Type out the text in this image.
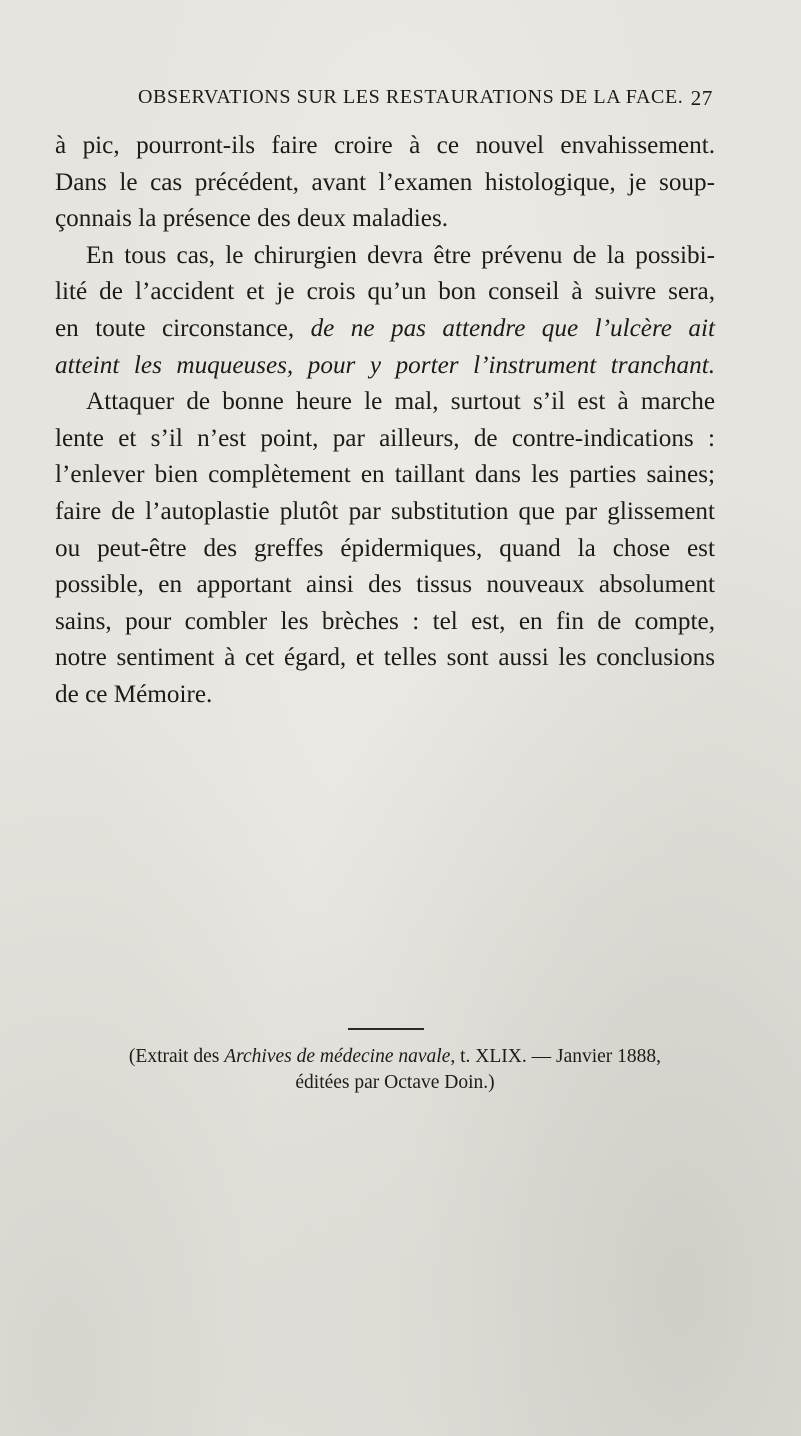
OBSERVATIONS SUR LES RESTAURATIONS DE LA FACE. 27
à pic, pourront-ils faire croire à ce nouvel envahissement.
Dans le cas précédent, avant l’examen histologique, je soup-
çonnais la présence des deux maladies.
En tous cas, le chirurgien devra être prévenu de la possibi-
lité de l’accident et je crois qu’un bon conseil à suivre sera,
en toute circonstance, de ne pas attendre que l’ulcère ait
atteint les muqueuses, pour y porter l’instrument tranchant.
Attaquer de bonne heure le mal, surtout s’il est à marche
lente et s’il n’est point, par ailleurs, de contre-indications :
l’enlever bien complètement en taillant dans les parties saines;
faire de l’autoplastie plutôt par substitution que par glissement
ou peut-être des greffes épidermiques, quand la chose est
possible, en apportant ainsi des tissus nouveaux absolument
sains, pour combler les brèches : tel est, en fin de compte,
notre sentiment à cet égard, et telles sont aussi les conclusions
de ce Mémoire.
(Extrait des Archives de médecine navale, t. XLIX. — Janvier 1888,
éditées par Octave Doin.)
